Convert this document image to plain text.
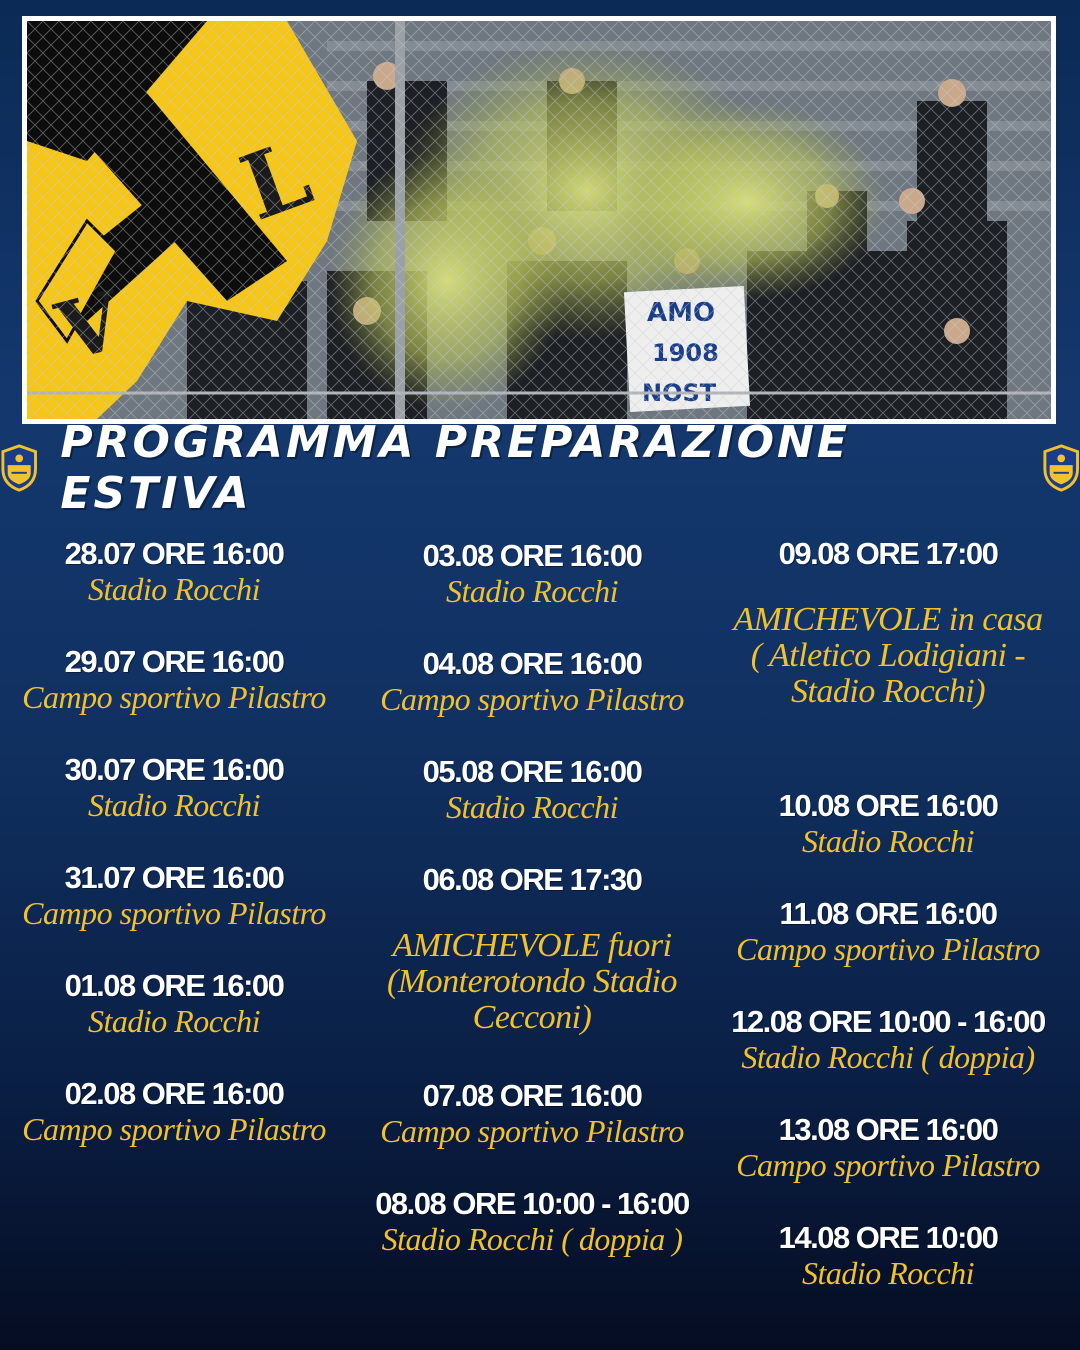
PROGRAMMA PREPARAZIONE ESTIVA
28.07 ORE 16:00
Stadio Rocchi
29.07 ORE 16:00
Campo sportivo Pilastro
30.07 ORE 16:00
Stadio Rocchi
31.07 ORE 16:00
Campo sportivo Pilastro
01.08 ORE 16:00
Stadio Rocchi
02.08 ORE 16:00
Campo sportivo Pilastro
03.08 ORE 16:00
Stadio Rocchi
04.08 ORE 16:00
Campo sportivo Pilastro
05.08 ORE 16:00
Stadio Rocchi
06.08 ORE 17:30
AMICHEVOLE fuori
(Monterotondo Stadio
Cecconi)
07.08 ORE 16:00
Campo sportivo Pilastro
08.08 ORE 10:00 - 16:00
Stadio Rocchi ( doppia )
09.08 ORE 17:00
AMICHEVOLE in casa
( Atletico Lodigiani -
Stadio Rocchi)
10.08 ORE 16:00
Stadio Rocchi
11.08 ORE 16:00
Campo sportivo Pilastro
12.08 ORE 10:00 - 16:00
Stadio Rocchi ( doppia)
13.08 ORE 16:00
Campo sportivo Pilastro
14.08 ORE 10:00
Stadio Rocchi
